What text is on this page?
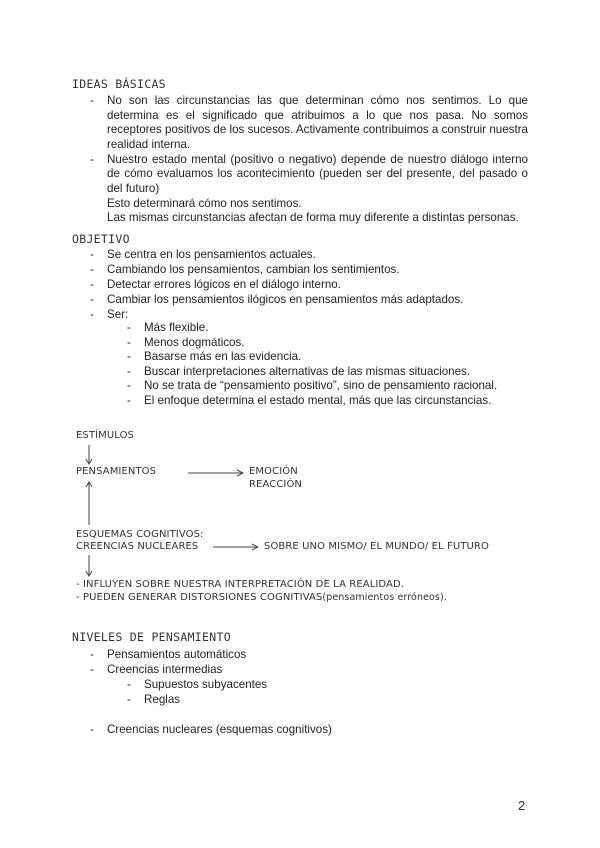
IDEAS BÁSICAS
- No son las circunstancias las que determinan cómo nos sentimos. Lo que determina es el significado que atribuimos a lo que nos pasa. No somos receptores positivos de los sucesos. Activamente contribuimos a construir nuestra realidad interna.
- Nuestro estado mental (positivo o negativo) depende de nuestro diálogo interno de cómo evaluamos los acontecimiento (pueden ser del presente, del pasado o del futuro)
Esto determinará cómo nos sentimos.
Las mismas circunstancias afectan de forma muy diferente a distintas personas.
OBJETIVO
- Se centra en los pensamientos actuales.
- Cambiando los pensamientos, cambian los sentimientos.
- Detectar errores lógicos en el diálogo interno.
- Cambiar los pensamientos ilógicos en pensamientos más adaptados.
- Ser:
- Más flexible.
- Menos dogmáticos.
- Basarse más en las evidencia.
- Buscar interpretaciones alternativas de las mismas situaciones.
- No se trata de “pensamiento positivo”, sino de pensamiento racional.
- El enfoque determina el estado mental, más que las circunstancias.

ESTÍMULOS

PENSAMIENTOS	EMOCIÓN

REACCIÓN

ESQUEMAS COGNITIVOS:

CREENCIAS NUCLEARES	SOBRE UNO MISMO/ EL MUNDO/ EL FUTURO

- INFLUYEN SOBRE NUESTRA INTERPRETACIÓN DE LA REALIDAD.

- PUEDEN GENERAR DISTORSIONES COGNITIVAS(pensamientos erróneos).

NIVELES DE PENSAMIENTO
- Pensamientos automáticos
- Creencias intermedias
- Supuestos subyacentes
- Reglas
- Creencias nucleares (esquemas cognitivos)

2
